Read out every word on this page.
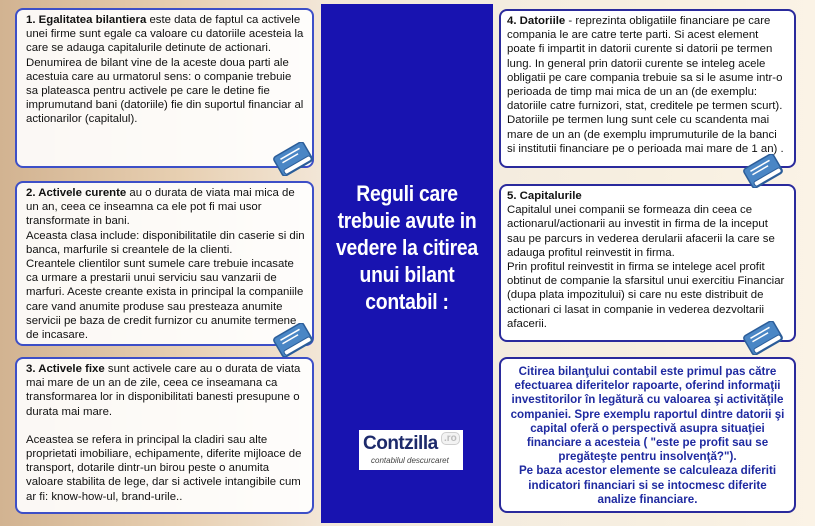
1. Egalitatea bilantiera este data de faptul ca activele unei firme sunt egale ca valoare cu datoriile acesteia la care se adauga capitalurile detinute de actionari.

Denumirea de bilant vine de la aceste doua parti ale acestuia care au urmatorul sens: o companie trebuie sa plateasca pentru activele pe care le detine fie imprumutand bani (datoriile) fie din suportul financiar al actionarilor (capitalul).

2. Activele curente au o durata de viata mai mica de un an, ceea ce inseamna ca ele pot fi mai usor transformate in bani.

Aceasta clasa include: disponibilitatile din caserie si din banca, marfurile si creantele de la clienti.

Creantele clientilor sunt sumele care trebuie incasate ca urmare a prestarii unui serviciu sau vanzarii de marfuri. Aceste creante exista in principal la companiile care vand anumite produse sau presteaza anumite servicii pe baza de credit furnizor cu anumite termene de incasare.

3. Activele fixe sunt activele care au o durata de viata mai mare de un an de zile, ceea ce inseamana ca transformarea lor in disponibilitati banesti presupune o durata mai mare.

Aceastea se refera in principal la cladiri sau alte proprietati imobiliare, echipamente, diferite mijloace de transport, dotarile dintr-un birou peste o anumita valoare stabilita de lege, dar si activele intangibile cum ar fi: know-how-ul, brand-urile..

Reguli care trebuie avute in vedere la citirea unui bilant contabil :
Contzilla .ro
contabilul descurcaret

4. Datoriile - reprezinta obligatiile financiare pe care compania le are catre terte parti. Si acest element poate fi impartit in datorii curente si datorii pe termen lung. In general prin datorii curente se inteleg acele obligatii pe care compania trebuie sa si le asume intr-o perioada de timp mai mica de un an (de exemplu:

datoriile catre furnizori, stat, creditele pe termen scurt).

Datoriile pe termen lung sunt cele cu scandenta mai mare de un an (de exemplu imprumuturile de la banci si institutii financiare pe o perioada mai mare de 1 an) .

5. Capitalurile

Capitalul unei companii se formeaza din ceea ce actionarul/actionarii au investit in firma de la inceput sau pe parcurs in vederea derularii afacerii la care se adauga profitul reinvestit in firma.

Prin profitul reinvestit in firma se intelege acel profit obtinut de companie la sfarsitul unui exercitiu Financiar (dupa plata impozitului) si care nu este distribuit de actionari ci lasat in companie in vederea dezvoltarii afacerii.

Citirea bilanţului contabil este primul pas către efectuarea diferitelor rapoarte, oferind informaţii investitorilor în legătură cu valoarea şi activităţile companiei. Spre exemplu raportul dintre datorii şi capital oferă o perspectivă asupra situaţiei financiare a acesteia ( "este pe profit sau se pregăteşte pentru insolvenţă?").

Pe baza acestor elemente se calculeaza diferiti indicatori financiari si se intocmesc diferite analize financiare.
